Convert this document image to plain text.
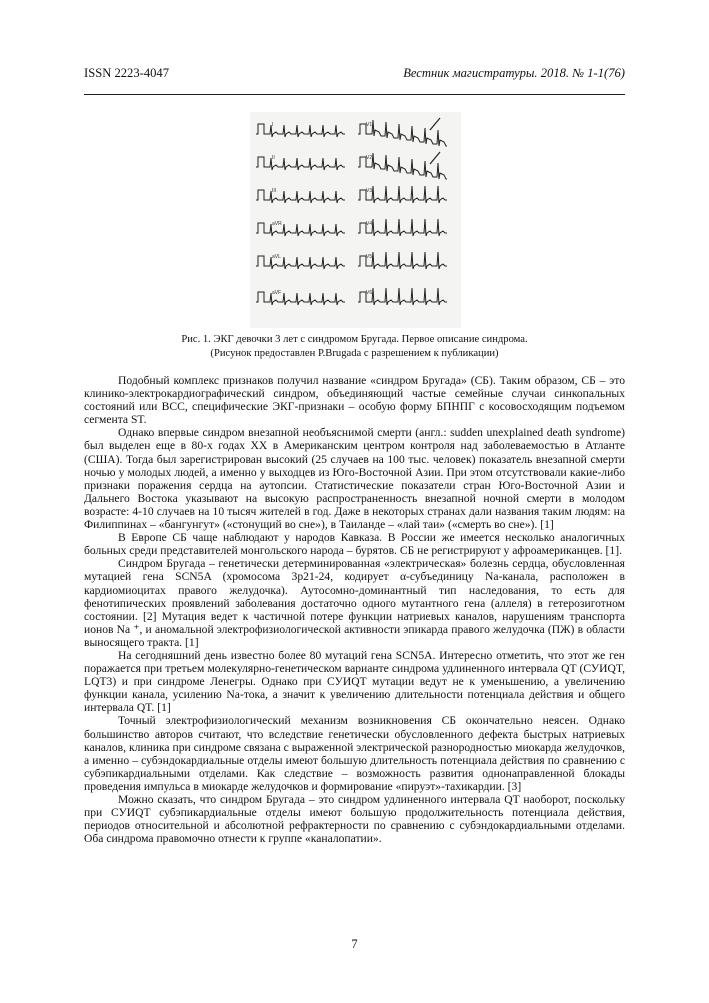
ISSN 2223-4047	Вестник магистратуры. 2018. № 1-1(76)
I
II
III
aVR
aVL
aVF
V1
V2
V3
V4
V5
V6
Рис. 1. ЭКГ девочки 3 лет с синдромом Бругада. Первое описание синдрома.
(Рисунок предоставлен P.Brugada с разрешением к публикации)

Подобный комплекс признаков получил название «синдром Бругада» (СБ). Таким образом, СБ – это клинико-электрокардиографический синдром, объединяющий частые семейные случаи синкопальных состояний или ВСС, специфические ЭКГ-признаки – особую форму БПНПГ с косовосходящим подъемом сегмента ST.

Однако впервые синдром внезапной необъяснимой смерти (англ.: sudden unexplained death syndrome) был выделен еще в 80-х годах XX в Американским центром контроля над заболеваемостью в Атланте (США). Тогда был зарегистрирован высокий (25 случаев на 100 тыс. человек) показатель внезапной смерти ночью у молодых людей, а именно у выходцев из Юго-Восточной Азии. При этом отсутствовали какие-либо признаки поражения сердца на аутопсии. Статистические показатели стран Юго-Восточной Азии и Дальнего Востока указывают на высокую распространенность внезапной ночной смерти в молодом возрасте: 4-10 случаев на 10 тысяч жителей в год. Даже в некоторых странах дали названия таким людям: на Филиппинах – «бангунгут» («стонущий во сне»), в Таиланде – «лай таи» («смерть во сне»). [1]

В Европе СБ чаще наблюдают у народов Кавказа. В России же имеется несколько аналогичных больных среди представителей монгольского народа – бурятов. СБ не регистрируют у афроамериканцев. [1].

Синдром Бругада – генетически детерминированная «электрическая» болезнь сердца, обусловленная мутацией гена SCN5A (хромосома 3р21-24, кодирует α-субъединицу Na-канала, расположен в кардиомиоцитах правого желудочка). Аутосомно-доминантный тип наследования, то есть для фенотипических проявлений заболевания достаточно одного мутантного гена (аллеля) в гетерозиготном состоянии. [2] Мутация ведет к частичной потере функции натриевых каналов, нарушениям транспорта ионов Na ⁺, и аномальной электрофизиологической активности эпикарда правого желудочка (ПЖ) в области выносящего тракта. [1]

На сегодняшний день известно более 80 мутаций гена SCN5A. Интересно отметить, что этот же ген поражается при третьем молекулярно-генетическом варианте синдрома удлиненного интервала QT (СУИQT, LQT3) и при синдроме Ленегры. Однако при СУИQT мутации ведут не к уменьшению, а увеличению функции канала, усилению Na-тока, а значит к увеличению длительности потенциала действия и общего интервала QT. [1]

Точный электрофизиологический механизм возникновения СБ окончательно неясен. Однако большинство авторов считают, что вследствие генетически обусловленного дефекта быстрых натриевых каналов, клиника при синдроме связана с выраженной электрической разнородностью миокарда желудочков, а именно – субэндокардиальные отделы имеют большую длительность потенциала действия по сравнению с субэпикардиальными отделами. Как следствие – возможность развития однонаправленной блокады проведения импульса в миокарде желудочков и формирование «пируэт»-тахикардии. [3]

Можно сказать, что синдром Бругада – это синдром удлиненного интервала QT наоборот, поскольку при СУИQT субэпикардиальные отделы имеют большую продолжительность потенциала действия, периодов относительной и абсолютной рефрактерности по сравнению с субэндокардиальными отделами. Оба синдрома правомочно отнести к группе «каналопатии».

7
